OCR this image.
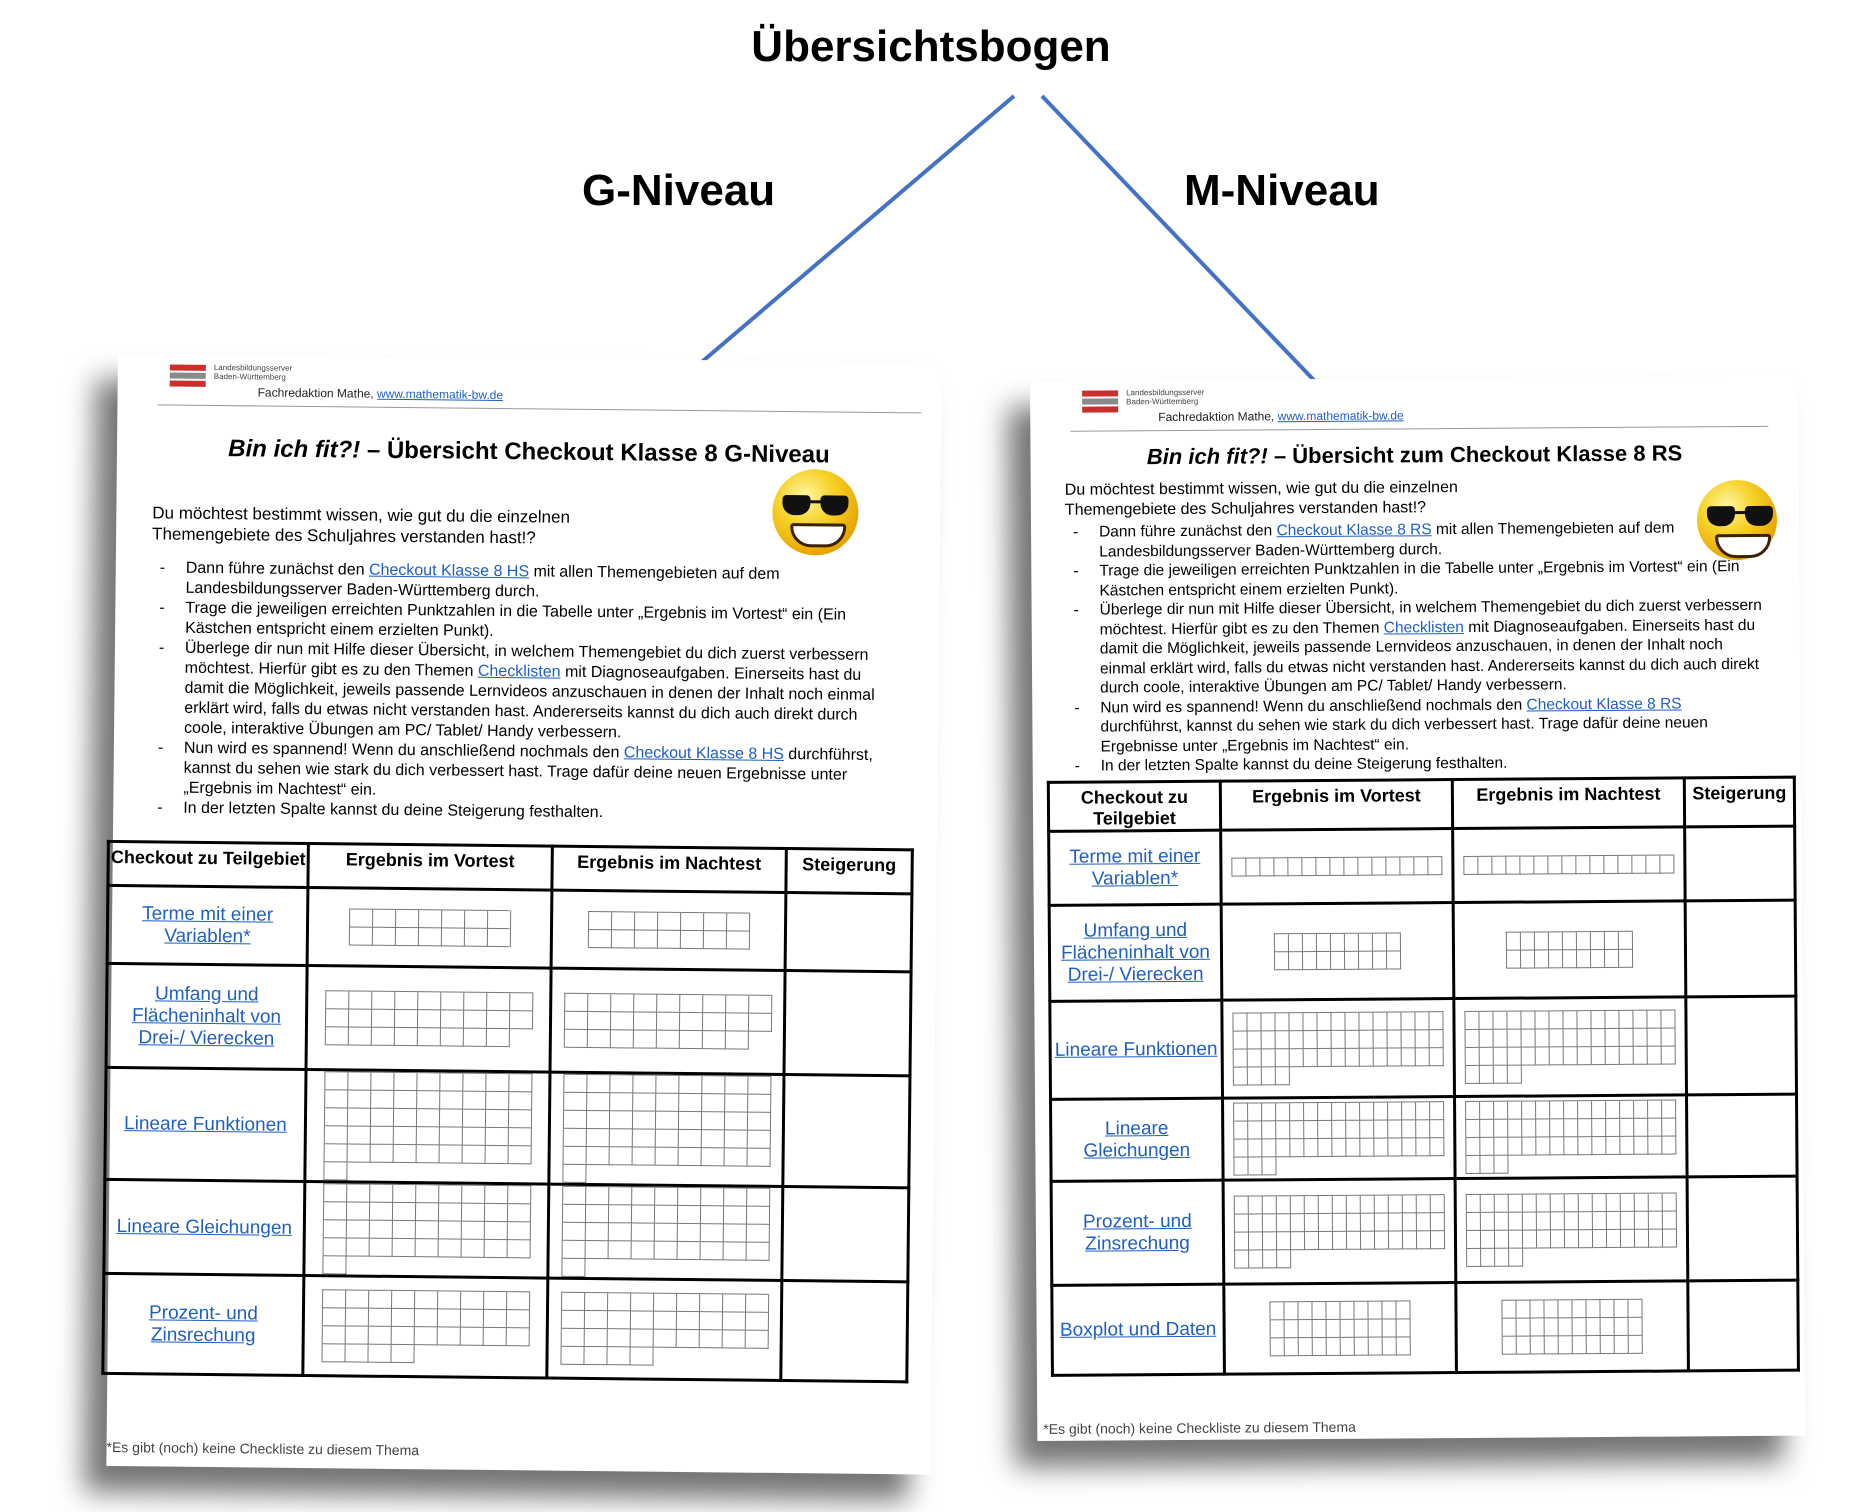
Übersichtsbogen
G-Niveau	M-Niveau
Landesbildungsserver
Baden-Württemberg
Fachredaktion Mathe, www.mathematik-bw.de
Bin ich fit?! – Übersicht Checkout Klasse 8 G-Niveau
Du möchtest bestimmt wissen, wie gut du die einzelnen Themengebiete des Schuljahres verstanden hast!?
- Dann führe zunächst den Checkout Klasse 8 HS mit allen Themengebieten auf dem Landesbildungsserver Baden-Württemberg durch.
- Trage die jeweiligen erreichten Punktzahlen in die Tabelle unter „Ergebnis im Vortest“ ein (Ein Kästchen entspricht einem erzielten Punkt).
- Überlege dir nun mit Hilfe dieser Übersicht, in welchem Themengebiet du dich zuerst verbessern möchtest. Hierfür gibt es zu den Themen Checklisten mit Diagnoseaufgaben. Einerseits hast du damit die Möglichkeit, jeweils passende Lernvideos anzuschauen in denen der Inhalt noch einmal erklärt wird, falls du etwas nicht verstanden hast. Andererseits kannst du dich auch direkt durch coole, interaktive Übungen am PC/ Tablet/ Handy verbessern.
- Nun wird es spannend! Wenn du anschließend nochmals den Checkout Klasse 8 HS durchführst, kannst du sehen wie stark du dich verbessert hast. Trage dafür deine neuen Ergebnisse unter „Ergebnis im Nachtest“ ein.
- In der letzten Spalte kannst du deine Steigerung festhalten.
Checkout zu Teilgebiet	Ergebnis im Vortest	Ergebnis im Nachtest	Steigerung
Terme mit einer Variablen*	

Umfang und Flächeninhalt von Drei-/ Vierecken	

Lineare Funktionen	

Lineare Gleichungen	

Prozent- und Zinsrechung	

*Es gibt (noch) keine Checkliste zu diesem Thema
Landesbildungsserver
Baden-Württemberg
Fachredaktion Mathe, www.mathematik-bw.de
Bin ich fit?! – Übersicht zum Checkout Klasse 8 RS
Du möchtest bestimmt wissen, wie gut du die einzelnen Themengebiete des Schuljahres verstanden hast!?
- Dann führe zunächst den Checkout Klasse 8 RS mit allen Themengebieten auf dem Landesbildungsserver Baden-Württemberg durch.
- Trage die jeweiligen erreichten Punktzahlen in die Tabelle unter „Ergebnis im Vortest“ ein (Ein Kästchen entspricht einem erzielten Punkt).
- Überlege dir nun mit Hilfe dieser Übersicht, in welchem Themengebiet du dich zuerst verbessern möchtest. Hierfür gibt es zu den Themen Checklisten mit Diagnoseaufgaben. Einerseits hast du damit die Möglichkeit, jeweils passende Lernvideos anzuschauen, in denen der Inhalt noch einmal erklärt wird, falls du etwas nicht verstanden hast. Andererseits kannst du dich auch direkt durch coole, interaktive Übungen am PC/ Tablet/ Handy verbessern.
- Nun wird es spannend! Wenn du anschließend nochmals den Checkout Klasse 8 RS durchführst, kannst du sehen wie stark du dich verbessert hast. Trage dafür deine neuen Ergebnisse unter „Ergebnis im Nachtest“ ein.
- In der letzten Spalte kannst du deine Steigerung festhalten.
Checkout zu Teilgebiet	Ergebnis im Vortest	Ergebnis im Nachtest	Steigerung
Terme mit einer Variablen*	

Umfang und Flächeninhalt von Drei-/ Vierecken	

Lineare Funktionen	

Lineare Gleichungen	

Prozent- und Zinsrechung	

Boxplot und Daten	

*Es gibt (noch) keine Checkliste zu diesem Thema
